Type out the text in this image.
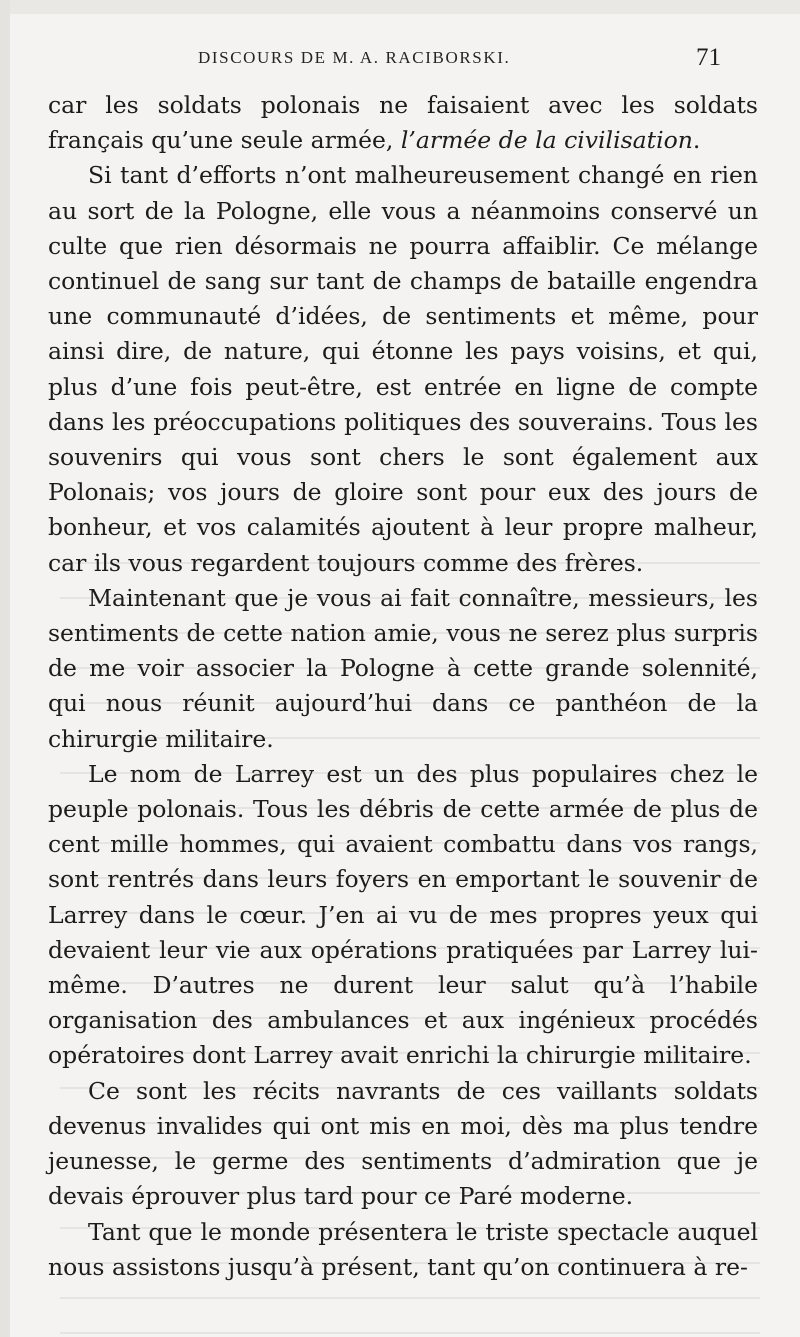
DISCOURS DE M. A. RACIBORSKI.	71

car les soldats polonais ne faisaient avec les soldats français qu’une seule armée, l’armée de la civilisation.

Si tant d’efforts n’ont malheureusement changé en rien au sort de la Pologne, elle vous a néanmoins conservé un culte que rien désormais ne pourra affaiblir. Ce mélange continuel de sang sur tant de champs de bataille engendra une communauté d’idées, de sentiments et même, pour ainsi dire, de nature, qui étonne les pays voisins, et qui, plus d’une fois peut-être, est entrée en ligne de compte dans les préoccupations politiques des souverains. Tous les souvenirs qui vous sont chers le sont également aux Polonais; vos jours de gloire sont pour eux des jours de bonheur, et vos calamités ajoutent à leur propre malheur, car ils vous regardent toujours comme des frères.

Maintenant que je vous ai fait connaître, messieurs, les sentiments de cette nation amie, vous ne serez plus surpris de me voir associer la Pologne à cette grande solennité, qui nous réunit aujourd’hui dans ce panthéon de la chirurgie militaire.

Le nom de Larrey est un des plus populaires chez le peuple polonais. Tous les débris de cette armée de plus de cent mille hommes, qui avaient combattu dans vos rangs, sont rentrés dans leurs foyers en emportant le souvenir de Larrey dans le cœur. J’en ai vu de mes propres yeux qui devaient leur vie aux opérations pratiquées par Larrey lui-même. D’autres ne durent leur salut qu’à l’habile organisation des ambulances et aux ingénieux procédés opératoires dont Larrey avait enrichi la chirurgie militaire.

Ce sont les récits navrants de ces vaillants soldats devenus invalides qui ont mis en moi, dès ma plus tendre jeunesse, le germe des sentiments d’admiration que je devais éprouver plus tard pour ce Paré moderne.

Tant que le monde présentera le triste spectacle auquel nous assistons jusqu’à présent, tant qu’on continuera à re-
